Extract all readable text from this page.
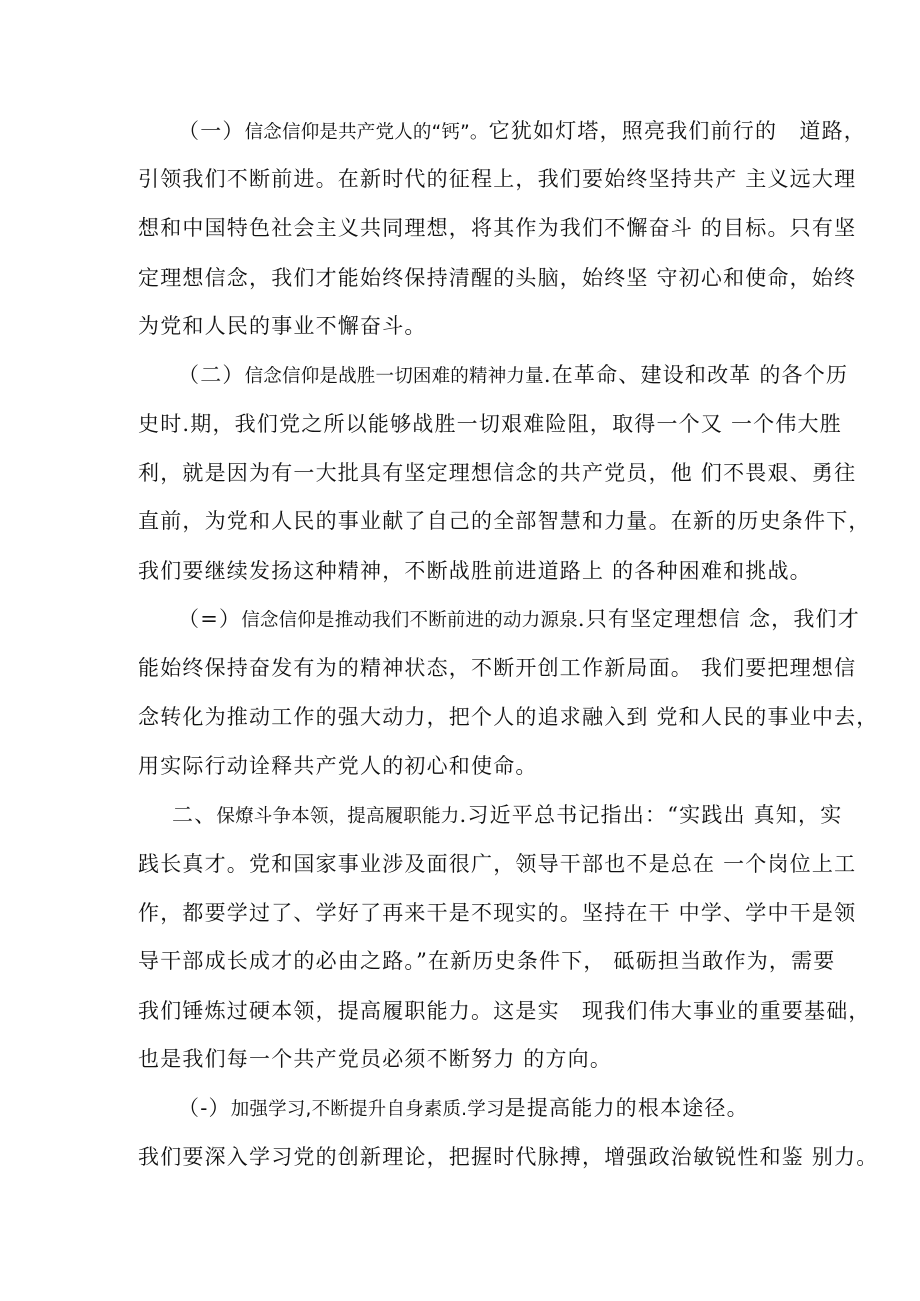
（一）信念信仰是共产党人的“钙”。它犹如灯塔，照亮我们前行的　道路，
引领我们不断前进。在新时代的征程上，我们要始终坚持共产 主义远大理
想和中国特色社会主义共同理想，将其作为我们不懈奋斗 的目标。只有坚
定理想信念，我们才能始终保持清醒的头脑，始终坚 守初心和使命，始终
为党和人民的事业不懈奋斗。
（二）信念信仰是战胜一切困难的精神力量.在革命、建设和改革 的各个历
史时.期，我们党之所以能够战胜一切艰难险阻，取得一个又 一个伟大胜
利，就是因为有一大批具有坚定理想信念的共产党员，他 们不畏艰、勇往
直前，为党和人民的事业献了自己的全部智慧和力量。在新的历史条件下，
我们要继续发扬这种精神，不断战胜前进道路上 的各种困难和挑战。
（=）信念信仰是推动我们不断前进的动力源泉.只有坚定理想信 念，我们才
能始终保持奋发有为的精神状态，不断开创工作新局面。 我们要把理想信
念转化为推动工作的强大动力，把个人的追求融入到 党和人民的事业中去，
用实际行动诠释共产党人的初心和使命。
二、保燎斗争本领，提高履职能力.习近平总书记指出：“实践出 真知，实
践长真才。党和国家事业涉及面很广，领导干部也不是总在 一个岗位上工
作，都要学过了、学好了再来干是不现实的。坚持在干 中学、学中干是领
导干部成长成才的必由之路。”在新历史条件下， 砥砺担当敢作为，需要
我们锤炼过硬本领，提高履职能力。这是实　现我们伟大事业的重要基础，
也是我们每一个共产党员必须不断努力 的方向。
（-）加强学习,不断提升自身素质.学习是提高能力的根本途径。
我们要深入学习党的创新理论，把握时代脉搏，增强政治敏锐性和鉴 别力。
